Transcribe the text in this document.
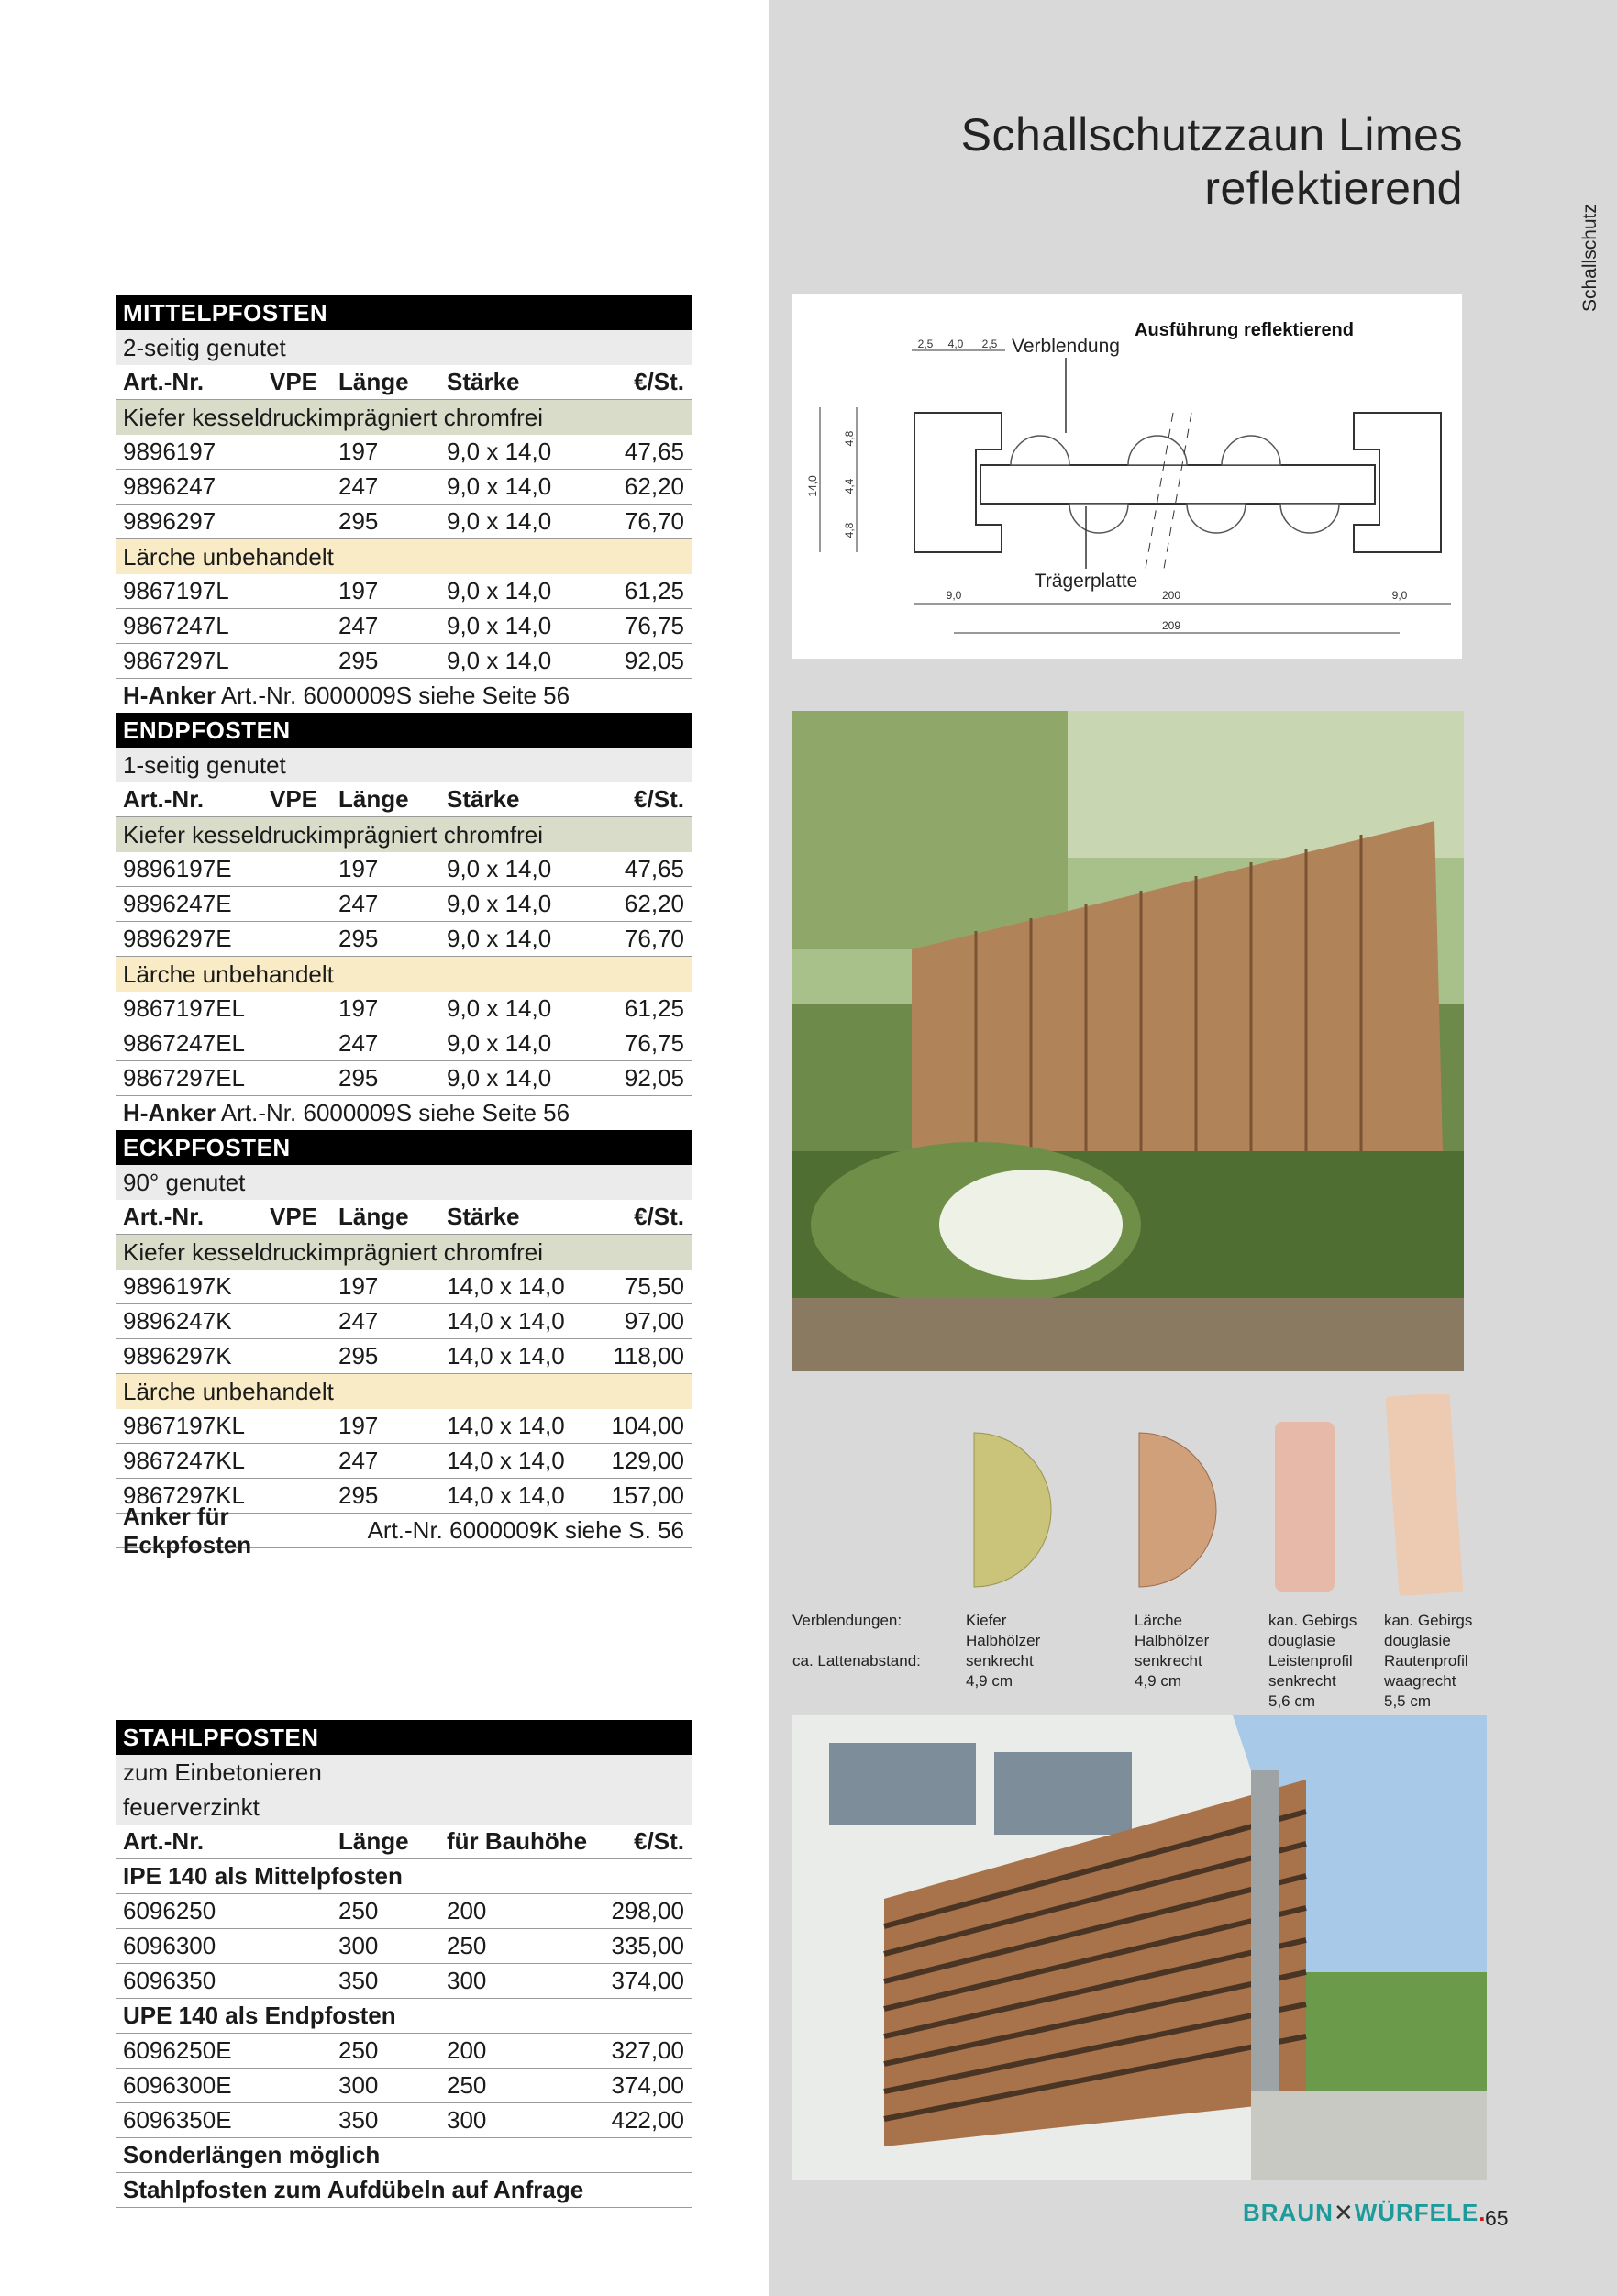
Schallschutzzaun Limes
reflektierend
Schallschutz
MITTELPFOSTEN
2-seitig genutet
Art.-Nr.	VPE Länge	Stärke	€/St.
Kiefer kesseldruckimprägniert chromfrei
9896197	197	9,0 x 14,0	47,65
9896247	247	9,0 x 14,0	62,20
9896297	295	9,0 x 14,0	76,70
Lärche unbehandelt
9867197L	197	9,0 x 14,0	61,25
9867247L	247	9,0 x 14,0	76,75
9867297L	295	9,0 x 14,0	92,05
H-Anker Art.-Nr. 6000009S siehe Seite 56
ENDPFOSTEN
1-seitig genutet
Art.-Nr.	VPE Länge	Stärke	€/St.
Kiefer kesseldruckimprägniert chromfrei
9896197E	197	9,0 x 14,0	47,65
9896247E	247	9,0 x 14,0	62,20
9896297E	295	9,0 x 14,0	76,70
Lärche unbehandelt
9867197EL	197	9,0 x 14,0	61,25
9867247EL	247	9,0 x 14,0	76,75
9867297EL	295	9,0 x 14,0	92,05
H-Anker Art.-Nr. 6000009S siehe Seite 56
ECKPFOSTEN
90° genutet
Art.-Nr.	VPE Länge	Stärke	€/St.
Kiefer kesseldruckimprägniert chromfrei
9896197K	197	14,0 x 14,0	75,50
9896247K	247	14,0 x 14,0	97,00
9896297K	295	14,0 x 14,0	118,00
Lärche unbehandelt
9867197KL	197	14,0 x 14,0	104,00
9867247KL	247	14,0 x 14,0	129,00
9867297KL	295	14,0 x 14,0	157,00
Anker für Eckpfosten
Art.-Nr. 6000009K siehe S. 56
STAHLPFOSTEN
zum Einbetonieren
feuerverzinkt
Art.-Nr.	Länge	für Bauhöhe	€/St.
IPE 140 als Mittelpfosten
6096250	250	200	298,00
6096300	300	250	335,00
6096350	350	300	374,00
UPE 140 als Endpfosten
6096250E	250	200	327,00
6096300E	300	250	374,00
6096350E	350	300	422,00
Sonderlängen möglich
Stahlpfosten zum Aufdübeln auf Anfrage
Ausführung reflektierend
Verblendung
2,5 4,0 2,5
14,0
4,8
4,4
4,8
Trägerplatte
9,0	200	9,0
209
Verblendungen:
ca. Lattenabstand:
Kiefer
Halbhölzer
senkrecht
4,9 cm
Lärche
Halbhölzer
senkrecht
4,9 cm
kan. Gebirgs
douglasie
Leistenprofil
senkrecht
5,6 cm
kan. Gebirgs
douglasie
Rautenprofil
waagrecht
5,5 cm
BRAUN✕WÜRFELE.
65
